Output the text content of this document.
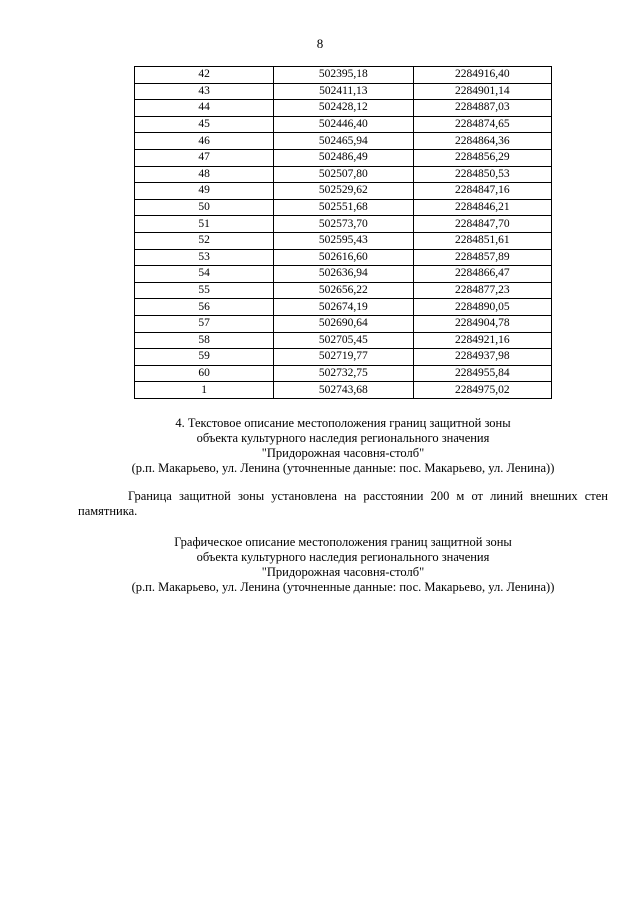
8
42	502395,18	2284916,40
43	502411,13	2284901,14
44	502428,12	2284887,03
45	502446,40	2284874,65
46	502465,94	2284864,36
47	502486,49	2284856,29
48	502507,80	2284850,53
49	502529,62	2284847,16
50	502551,68	2284846,21
51	502573,70	2284847,70
52	502595,43	2284851,61
53	502616,60	2284857,89
54	502636,94	2284866,47
55	502656,22	2284877,23
56	502674,19	2284890,05
57	502690,64	2284904,78
58	502705,45	2284921,16
59	502719,77	2284937,98
60	502732,75	2284955,84
1	502743,68	2284975,02
4. Текстовое описание местоположения границ защитной зоны
объекта культурного наследия регионального значения
"Придорожная часовня-столб"
(р.п. Макарьево, ул. Ленина (уточненные данные: пос. Макарьево, ул. Ленина))
Граница защитной зоны установлена на расстоянии 200 м от линий внешних стен памятника.
Графическое описание местоположения границ защитной зоны
объекта культурного наследия регионального значения
"Придорожная часовня-столб"
(р.п. Макарьево, ул. Ленина (уточненные данные: пос. Макарьево, ул. Ленина))
